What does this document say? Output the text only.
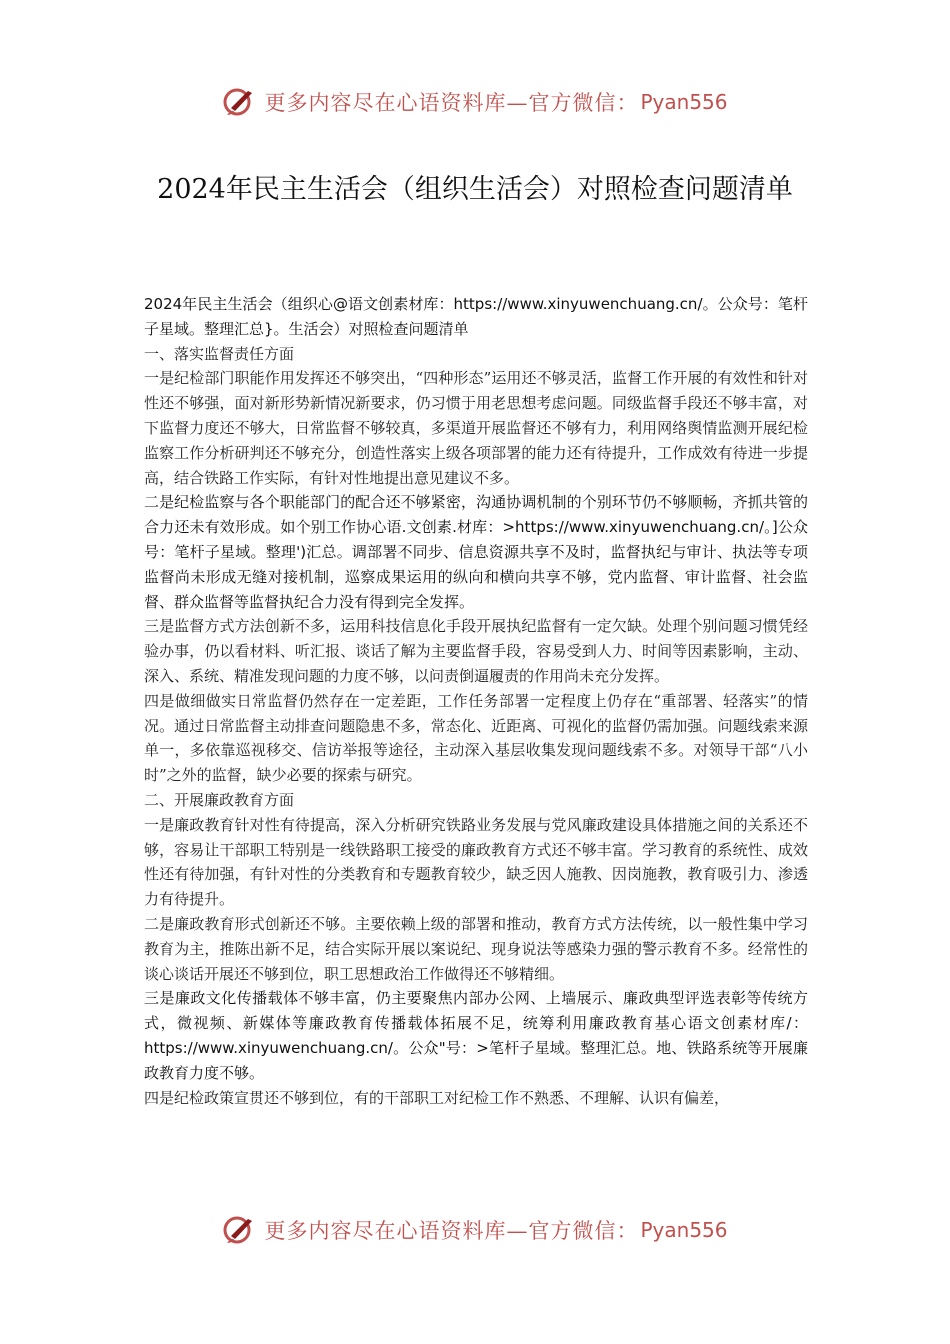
更多内容尽在心语资料库—官方微信： Pyan556
2024年民主生活会（组织生活会）对照检查问题清单

2024年民主生活会（组织心@语文创素材库：https://www.xinyuwenchuang.cn/。公众号：笔杆子星域。整理汇总}。生活会）对照检查问题清单

一、落实监督责任方面

一是纪检部门职能作用发挥还不够突出，“四种形态”运用还不够灵活，监督工作开展的有效性和针对性还不够强，面对新形势新情况新要求，仍习惯于用老思想考虑问题。同级监督手段还不够丰富，对下监督力度还不够大，日常监督不够较真，多渠道开展监督还不够有力，利用网络舆情监测开展纪检监察工作分析研判还不够充分，创造性落实上级各项部署的能力还有待提升，工作成效有待进一步提高，结合铁路工作实际，有针对性地提出意见建议不多。

二是纪检监察与各个职能部门的配合还不够紧密，沟通协调机制的个别环节仍不够顺畅，齐抓共管的合力还未有效形成。如个别工作协心语.文创素.材库：>https://www.xinyuwenchuang.cn/。]公众号：笔杆子星域。整理')汇总。调部署不同步、信息资源共享不及时，监督执纪与审计、执法等专项监督尚未形成无缝对接机制，巡察成果运用的纵向和横向共享不够，党内监督、审计监督、社会监督、群众监督等监督执纪合力没有得到完全发挥。

三是监督方式方法创新不多，运用科技信息化手段开展执纪监督有一定欠缺。处理个别问题习惯凭经验办事，仍以看材料、听汇报、谈话了解为主要监督手段，容易受到人力、时间等因素影响，主动、深入、系统、精准发现问题的力度不够，以问责倒逼履责的作用尚未充分发挥。

四是做细做实日常监督仍然存在一定差距，工作任务部署一定程度上仍存在“重部署、轻落实”的情况。通过日常监督主动排查问题隐患不多，常态化、近距离、可视化的监督仍需加强。问题线索来源单一，多依靠巡视移交、信访举报等途径，主动深入基层收集发现问题线索不多。对领导干部“八小时”之外的监督，缺少必要的探索与研究。

二、开展廉政教育方面

一是廉政教育针对性有待提高，深入分析研究铁路业务发展与党风廉政建设具体措施之间的关系还不够，容易让干部职工特别是一线铁路职工接受的廉政教育方式还不够丰富。学习教育的系统性、成效性还有待加强，有针对性的分类教育和专题教育较少，缺乏因人施教、因岗施教，教育吸引力、渗透力有待提升。

二是廉政教育形式创新还不够。主要依赖上级的部署和推动，教育方式方法传统，以一般性集中学习教育为主，推陈出新不足，结合实际开展以案说纪、现身说法等感染力强的警示教育不多。经常性的谈心谈话开展还不够到位，职工思想政治工作做得还不够精细。

三是廉政文化传播载体不够丰富，仍主要聚焦内部办公网、上墙展示、廉政典型评选表彰等传统方式，微视频、新媒体等廉政教育传播载体拓展不足，统筹利用廉政教育基心语文创素材库/：https://www.xinyuwenchuang.cn/。公众"号：>笔杆子星域。整理汇总。地、铁路系统等开展廉政教育力度不够。

四是纪检政策宣贯还不够到位，有的干部职工对纪检工作不熟悉、不理解、认识有偏差，

更多内容尽在心语资料库—官方微信： Pyan556
